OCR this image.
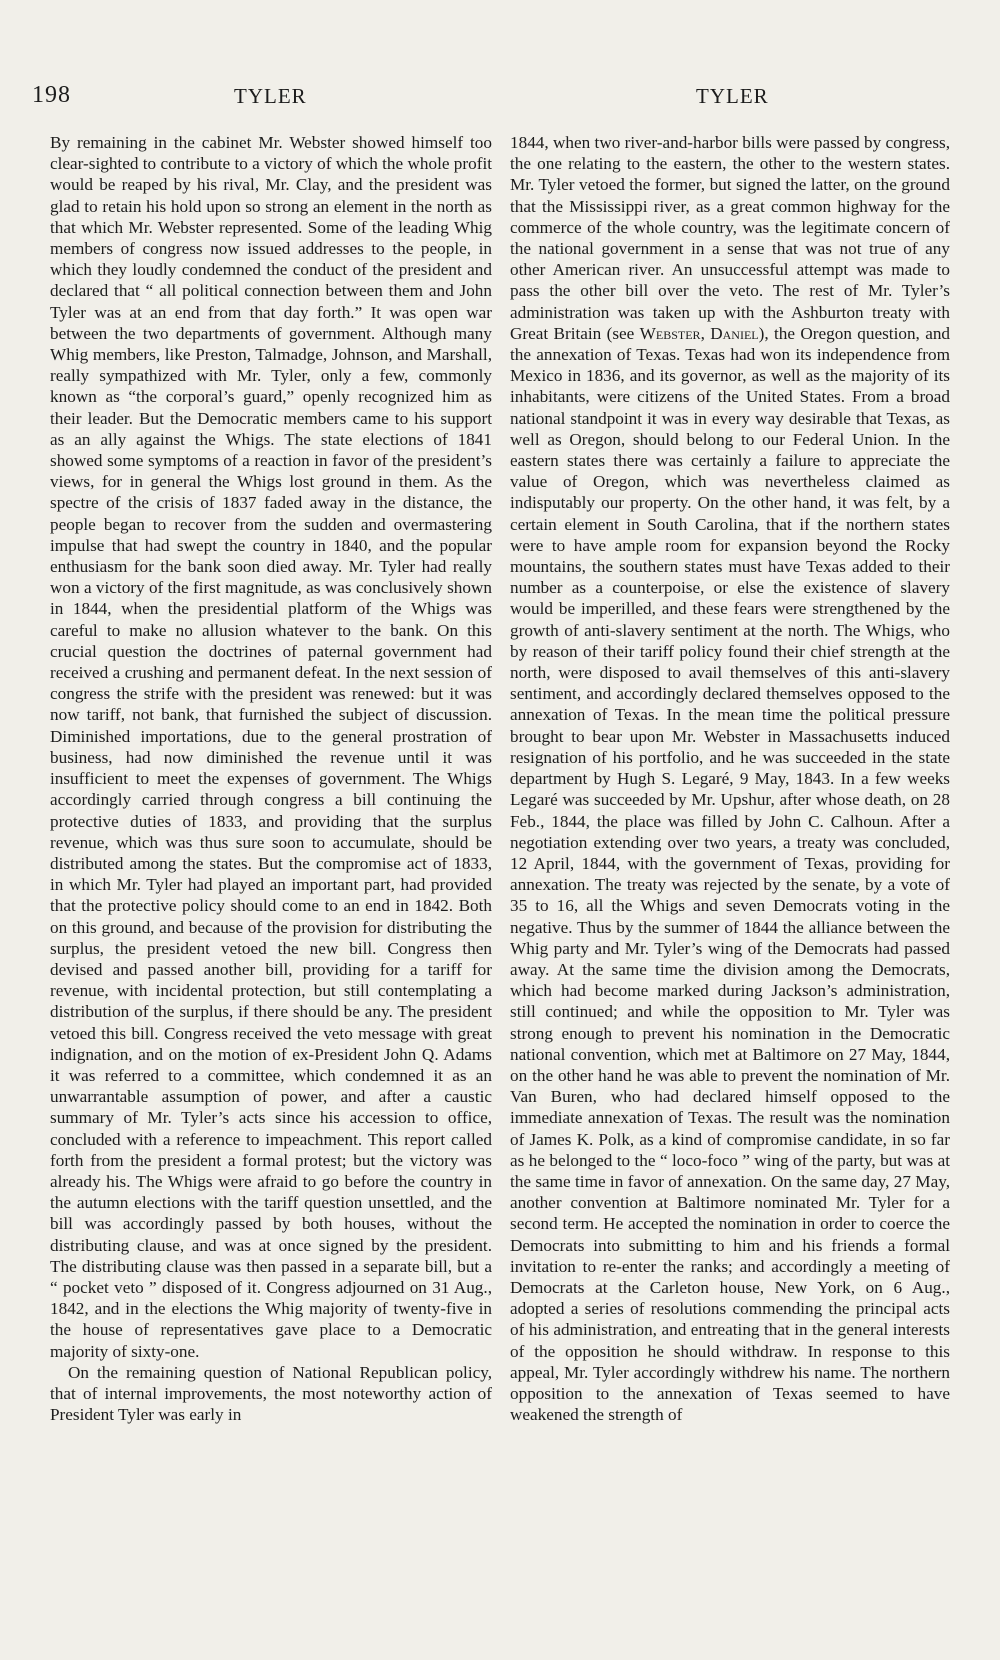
198	TYLER	TYLER

By remaining in the cabinet Mr. Webster showed himself too clear-sighted to contribute to a victory of which the whole profit would be reaped by his rival, Mr. Clay, and the president was glad to retain his hold upon so strong an element in the north as that which Mr. Webster represented. Some of the leading Whig members of congress now issued addresses to the people, in which they loudly condemned the conduct of the president and declared that “ all political connection between them and John Tyler was at an end from that day forth.” It was open war between the two departments of government. Although many Whig members, like Preston, Talmadge, Johnson, and Marshall, really sympathized with Mr. Tyler, only a few, commonly known as “the corporal’s guard,” openly recognized him as their leader. But the Democratic members came to his support as an ally against the Whigs. The state elections of 1841 showed some symptoms of a reaction in favor of the president’s views, for in general the Whigs lost ground in them. As the spectre of the crisis of 1837 faded away in the distance, the people began to recover from the sudden and overmastering impulse that had swept the country in 1840, and the popular enthusiasm for the bank soon died away. Mr. Tyler had really won a victory of the first magnitude, as was conclusively shown in 1844, when the presidential platform of the Whigs was careful to make no allusion whatever to the bank. On this crucial question the doctrines of paternal government had received a crushing and permanent defeat. In the next session of congress the strife with the president was renewed: but it was now tariff, not bank, that furnished the subject of discussion. Diminished importations, due to the general prostration of business, had now diminished the revenue until it was insufficient to meet the expenses of government. The Whigs accordingly carried through congress a bill continuing the protective duties of 1833, and providing that the surplus revenue, which was thus sure soon to accumulate, should be distributed among the states. But the compromise act of 1833, in which Mr. Tyler had played an important part, had provided that the protective policy should come to an end in 1842. Both on this ground, and because of the provision for distributing the surplus, the president vetoed the new bill. Congress then devised and passed another bill, providing for a tariff for revenue, with incidental protection, but still contemplating a distribution of the surplus, if there should be any. The president vetoed this bill. Congress received the veto message with great indignation, and on the motion of ex-President John Q. Adams it was referred to a committee, which condemned it as an unwarrantable assumption of power, and after a caustic summary of Mr. Tyler’s acts since his accession to office, concluded with a reference to impeachment. This report called forth from the president a formal protest; but the victory was already his. The Whigs were afraid to go before the country in the autumn elections with the tariff question unsettled, and the bill was accordingly passed by both houses, without the distributing clause, and was at once signed by the president. The distributing clause was then passed in a separate bill, but a “ pocket veto ” disposed of it. Congress adjourned on 31 Aug., 1842, and in the elections the Whig majority of twenty-five in the house of representatives gave place to a Democratic majority of sixty-one.

On the remaining question of National Republican policy, that of internal improvements, the most noteworthy action of President Tyler was early in

1844, when two river-and-harbor bills were passed by congress, the one relating to the eastern, the other to the western states. Mr. Tyler vetoed the former, but signed the latter, on the ground that the Mississippi river, as a great common highway for the commerce of the whole country, was the legitimate concern of the national government in a sense that was not true of any other American river. An unsuccessful attempt was made to pass the other bill over the veto. The rest of Mr. Tyler’s administration was taken up with the Ashburton treaty with Great Britain (see Webster, Daniel), the Oregon question, and the annexation of Texas. Texas had won its independence from Mexico in 1836, and its governor, as well as the majority of its inhabitants, were citizens of the United States. From a broad national standpoint it was in every way desirable that Texas, as well as Oregon, should belong to our Federal Union. In the eastern states there was certainly a failure to appreciate the value of Oregon, which was nevertheless claimed as indisputably our property. On the other hand, it was felt, by a certain element in South Carolina, that if the northern states were to have ample room for expansion beyond the Rocky mountains, the southern states must have Texas added to their number as a counterpoise, or else the existence of slavery would be imperilled, and these fears were strengthened by the growth of anti-slavery sentiment at the north. The Whigs, who by reason of their tariff policy found their chief strength at the north, were disposed to avail themselves of this anti-slavery sentiment, and accordingly declared themselves opposed to the annexation of Texas. In the mean time the political pressure brought to bear upon Mr. Webster in Massachusetts induced resignation of his portfolio, and he was succeeded in the state department by Hugh S. Legaré, 9 May, 1843. In a few weeks Legaré was succeeded by Mr. Upshur, after whose death, on 28 Feb., 1844, the place was filled by John C. Calhoun. After a negotiation extending over two years, a treaty was concluded, 12 April, 1844, with the government of Texas, providing for annexation. The treaty was rejected by the senate, by a vote of 35 to 16, all the Whigs and seven Democrats voting in the negative. Thus by the summer of 1844 the alliance between the Whig party and Mr. Tyler’s wing of the Democrats had passed away. At the same time the division among the Democrats, which had become marked during Jackson’s administration, still continued; and while the opposition to Mr. Tyler was strong enough to prevent his nomination in the Democratic national convention, which met at Baltimore on 27 May, 1844, on the other hand he was able to prevent the nomination of Mr. Van Buren, who had declared himself opposed to the immediate annexation of Texas. The result was the nomination of James K. Polk, as a kind of compromise candidate, in so far as he belonged to the “ loco-foco ” wing of the party, but was at the same time in favor of annexation. On the same day, 27 May, another convention at Baltimore nominated Mr. Tyler for a second term. He accepted the nomination in order to coerce the Democrats into submitting to him and his friends a formal invitation to re-enter the ranks; and accordingly a meeting of Democrats at the Carleton house, New York, on 6 Aug., adopted a series of resolutions commending the principal acts of his administration, and entreating that in the general interests of the opposition he should withdraw. In response to this appeal, Mr. Tyler accordingly withdrew his name. The northern opposition to the annexation of Texas seemed to have weakened the strength of
